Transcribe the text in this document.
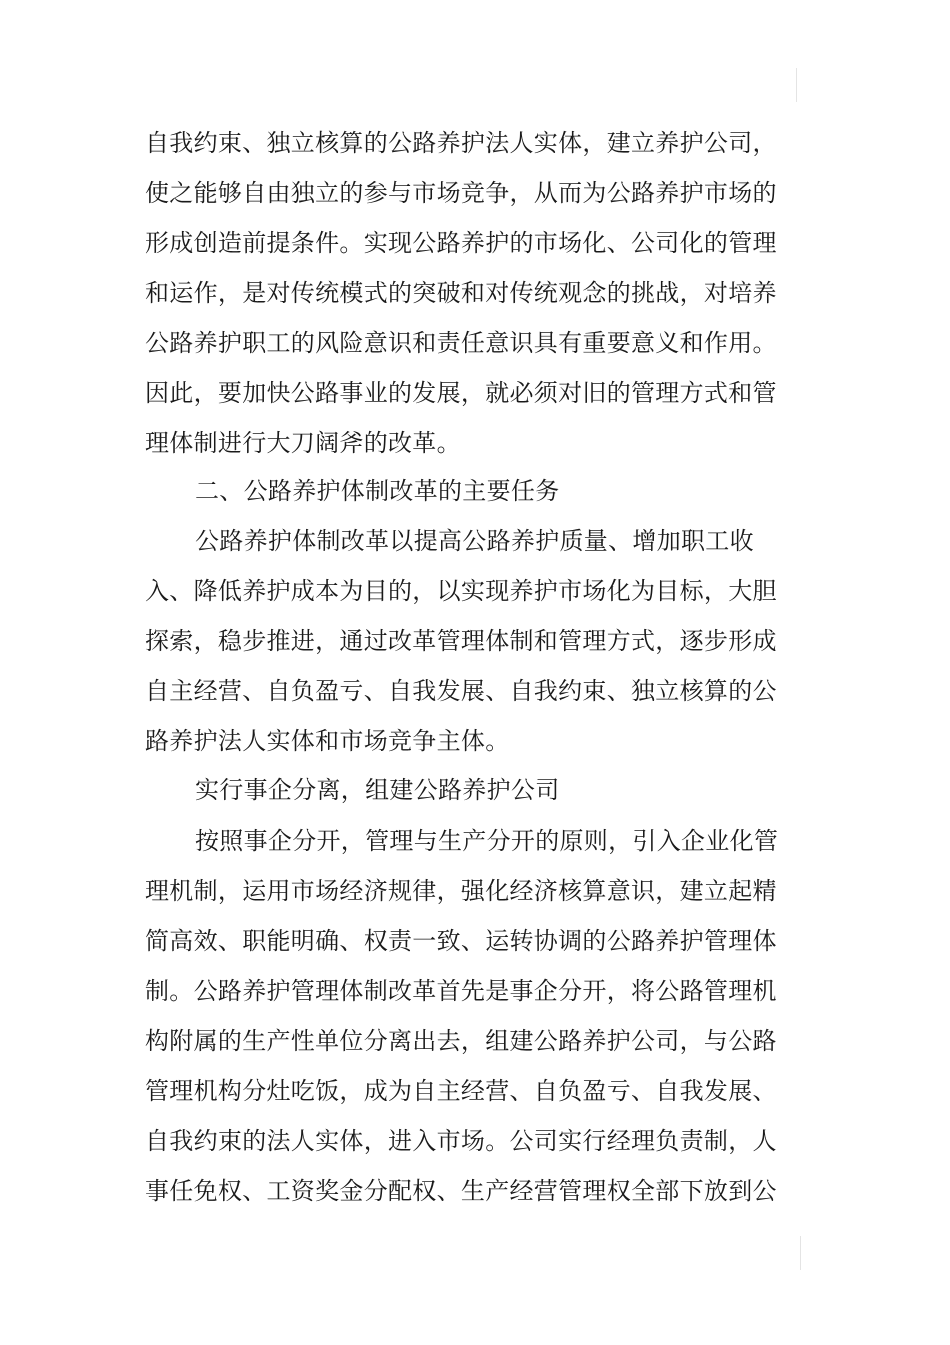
自我约束、独立核算的公路养护法人实体，建立养护公司，
使之能够自由独立的参与市场竞争，从而为公路养护市场的
形成创造前提条件。实现公路养护的市场化、公司化的管理
和运作，是对传统模式的突破和对传统观念的挑战，对培养
公路养护职工的风险意识和责任意识具有重要意义和作用。
因此，要加快公路事业的发展，就必须对旧的管理方式和管
理体制进行大刀阔斧的改革。
二、公路养护体制改革的主要任务
公路养护体制改革以提高公路养护质量、增加职工收
入、降低养护成本为目的，以实现养护市场化为目标，大胆
探索，稳步推进，通过改革管理体制和管理方式，逐步形成
自主经营、自负盈亏、自我发展、自我约束、独立核算的公
路养护法人实体和市场竞争主体。
实行事企分离，组建公路养护公司
按照事企分开，管理与生产分开的原则，引入企业化管
理机制，运用市场经济规律，强化经济核算意识，建立起精
简高效、职能明确、权责一致、运转协调的公路养护管理体
制。公路养护管理体制改革首先是事企分开，将公路管理机
构附属的生产性单位分离出去，组建公路养护公司，与公路
管理机构分灶吃饭，成为自主经营、自负盈亏、自我发展、
自我约束的法人实体，进入市场。公司实行经理负责制，人
事任免权、工资奖金分配权、生产经营管理权全部下放到公
